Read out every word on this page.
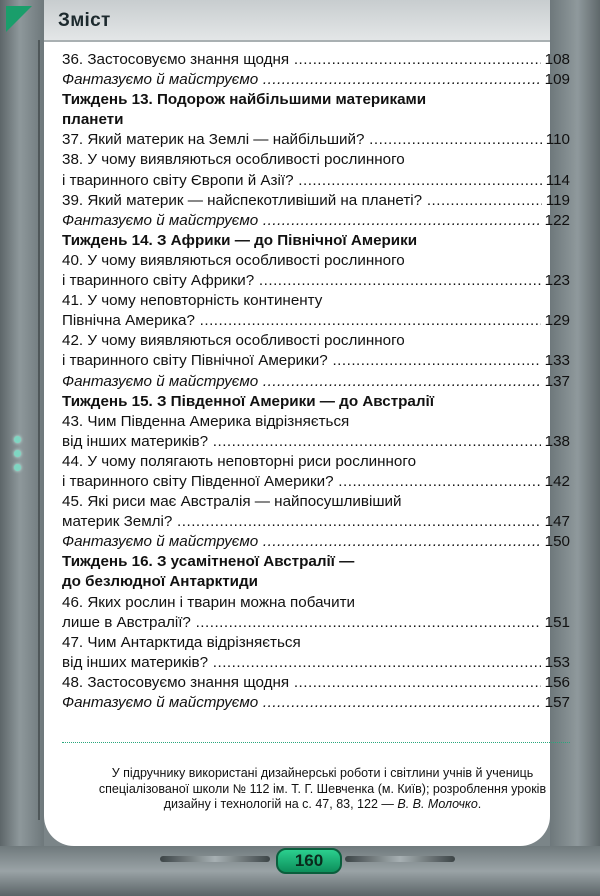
Зміст
36. Застосовуємо знання щодня .....	108
Фантазуємо й майструємо .....	109
Тиждень 13. Подорож найбільшими материками
планети
37. Який материк на Землі — найбільший? .....	110
38. У чому виявляються особливості рослинного
і тваринного світу Європи й Азії? .....	114
39. Який материк — найспекотливіший на планеті? .....	119
Фантазуємо й майструємо .....	122
Тиждень 14. З Африки — до Північної Америки
40. У чому виявляються особливості рослинного
і тваринного світу Африки? .....	123
41. У чому неповторність континенту
Північна Америка? .....	129
42. У чому виявляються особливості рослинного
і тваринного світу Північної Америки? .....	133
Фантазуємо й майструємо .....	137
Тиждень 15. З Південної Америки — до Австралії
43. Чим Південна Америка відрізняється
від інших материків? .....	138
44. У чому полягають неповторні риси рослинного
і тваринного світу Південної Америки? .....	142
45. Які риси має Австралія — найпосушливіший
материк Землі? .....	147
Фантазуємо й майструємо .....	150
Тиждень 16. З усамітненої Австралії —
до безлюдної Антарктиди
46. Яких рослин і тварин можна побачити
лише в Австралії? .....	151
47. Чим Антарктида відрізняється
від інших материків? .....	153
48. Застосовуємо знання щодня .....	156
Фантазуємо й майструємо .....	157
У підручнику використані дизайнерські роботи і світлини учнів й учениць
спеціалізованої школи № 112 ім. Т. Г. Шевченка (м. Київ); розроблення уроків
дизайну і технологій на с. 47, 83, 122 — В. В. Молочко.
160
